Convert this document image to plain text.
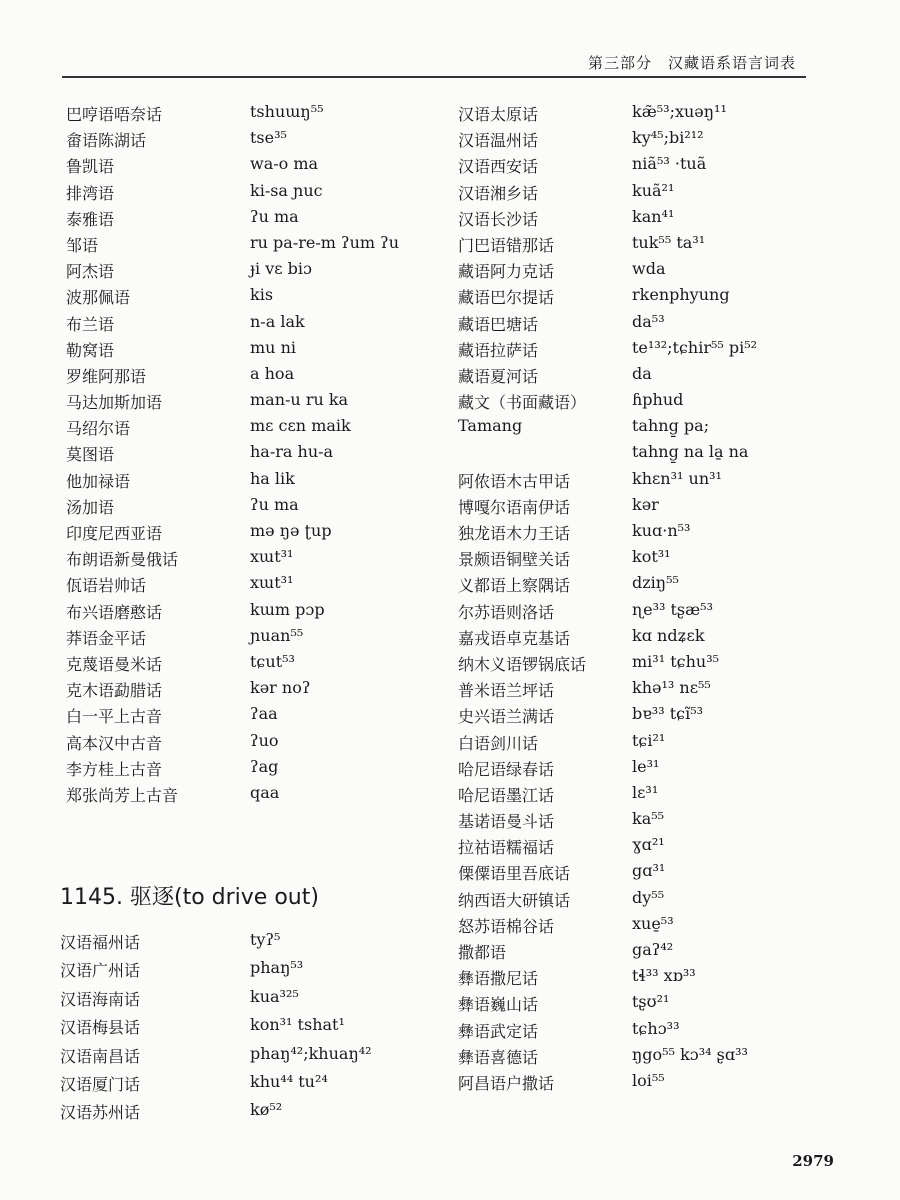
第三部分　汉藏语系语言词表
巴哼语唔奈话	tshuɯŋ⁵⁵
畲语陈湖话	tse³⁵
鲁凯语	wa-o ma
排湾语	ki-sa ɲuc
泰雅语	ʔu ma
邹语	ru pa-re-m ʔum ʔu
阿杰语	ɟi vɛ biɔ
波那佩语	kis
布兰语	n-a lak
勒窝语	mu ni
罗维阿那语	a hoa
马达加斯加语	man-u ru ka
马绍尔语	mɛ cɛn maik
莫图语	ha-ra hu-a
他加禄语	ha lik
汤加语	ʔu ma
印度尼西亚语	mə ŋə ʈup
布朗语新曼俄话	xɯt³¹
佤语岩帅话	xɯt³¹
布兴语磨憨话	kɯm pɔp
莽语金平话	ɲuan⁵⁵
克蔑语曼米话	tɕut⁵³
克木语勐腊话	kər noʔ
白一平上古音	ʔaa
高本汉中古音	ʔuo
李方桂上古音	ʔag
郑张尚芳上古音	qaa
1145. 驱逐(to drive out)
汉语福州话	tyʔ⁵
汉语广州话	phaŋ⁵³
汉语海南话	kua³²⁵
汉语梅县话	kon³¹ tshat¹
汉语南昌话	phaŋ⁴²;khuaŋ⁴²
汉语厦门话	khu⁴⁴ tu²⁴
汉语苏州话	kø⁵²
汉语太原话	kæ̃⁵³;xuəŋ¹¹
汉语温州话	ky⁴⁵;bi²¹²
汉语西安话	niã⁵³ ·tuã
汉语湘乡话	kuã²¹
汉语长沙话	kan⁴¹
门巴语错那话	tuk⁵⁵ ta³¹
藏语阿力克话	wda
藏语巴尔提话	rkenphyung
藏语巴塘话	da⁵³
藏语拉萨话	te¹³²;tɕhir⁵⁵ pi⁵²
藏语夏河话	da
藏文（书面藏语）	ɦphud
Tamang	tahng̱ pa;
tahng̱ na la̱ na
阿侬语木古甲话	khɛn³¹ un³¹
博嘎尔语南伊话	kər
独龙语木力王话	kuɑ·n⁵³
景颇语铜壁关话	kot³¹
义都语上察隅话	dziŋ⁵⁵
尔苏语则洛话	ɳe³³ tʂæ⁵³
嘉戎语卓克基话	kɑ ndʑɛk
纳木义语锣锅底话	mi³¹ tɕhu³⁵
普米语兰坪话	khə¹³ nɛ⁵⁵
史兴语兰满话	bɐ³³ tɕĩ⁵³
白语剑川话	tɕi²¹
哈尼语绿春话	le³¹
哈尼语墨江话	lɛ³¹
基诺语曼斗话	ka⁵⁵
拉祜语糯福话	ɣɑ²¹
傈僳语里吾底话	gɑ³¹
纳西语大研镇话	dy⁵⁵
怒苏语棉谷话	xue̱⁵³
撒都语	gaʔ⁴²
彝语撒尼话	tɬ³³ xɒ³³
彝语巍山话	tʂʊ²¹
彝语武定话	tɕhɔ³³
彝语喜德话	ŋgo⁵⁵ kɔ³⁴ ʂɑ³³
阿昌语户撒话	loi⁵⁵
2979
